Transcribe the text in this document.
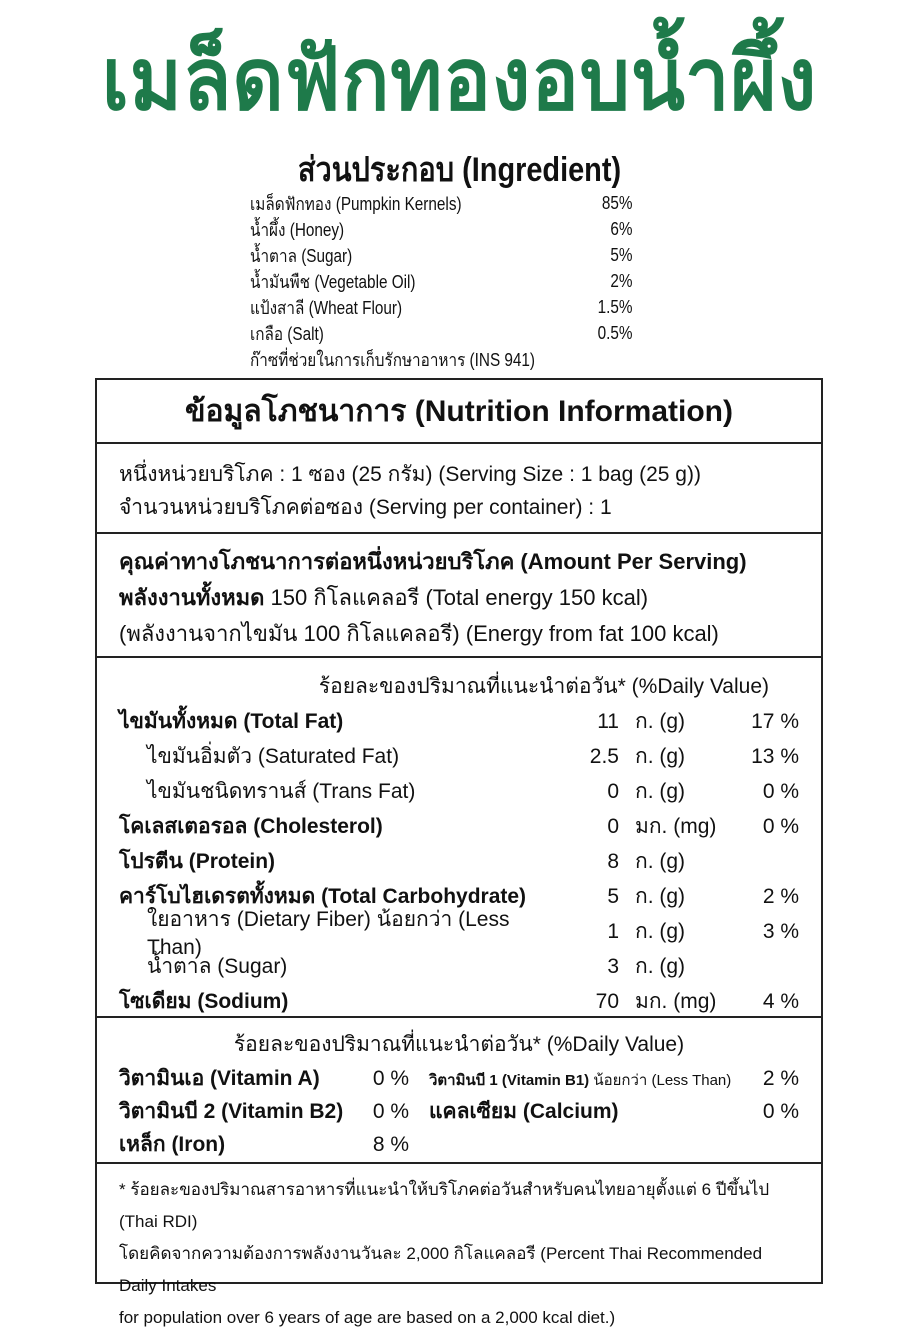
เมล็ดฟักทองอบน้ำผึ้ง
ส่วนประกอบ (Ingredient)
เมล็ดฟักทอง (Pumpkin Kernels)	85%
น้ำผึ้ง (Honey)	6%
น้ำตาล (Sugar)	5%
น้ำมันพืช (Vegetable Oil)	2%
แป้งสาลี (Wheat Flour)	1.5%
เกลือ (Salt)	0.5%
ก๊าซที่ช่วยในการเก็บรักษาอาหาร (INS 941)
ข้อมูลโภชนาการ (Nutrition Information)
หนึ่งหน่วยบริโภค : 1 ซอง (25 กรัม) (Serving Size : 1 bag (25 g))
จำนวนหน่วยบริโภคต่อซอง (Serving per container) : 1
คุณค่าทางโภชนาการต่อหนึ่งหน่วยบริโภค (Amount Per Serving)
พลังงานทั้งหมด 150 กิโลแคลอรี (Total energy 150 kcal)
(พลังงานจากไขมัน 100 กิโลแคลอรี) (Energy from fat 100 kcal)
ร้อยละของปริมาณที่แนะนำต่อวัน* (%Daily Value)
ไขมันทั้งหมด (Total Fat)	11 ก. (g)	17 %
ไขมันอิ่มตัว (Saturated Fat)	2.5 ก. (g)	13 %
ไขมันชนิดทรานส์ (Trans Fat)	0 ก. (g)	0 %
โคเลสเตอรอล (Cholesterol)	0 มก. (mg)	0 %
โปรตีน (Protein)	8 ก. (g)
คาร์โบไฮเดรตทั้งหมด (Total Carbohydrate)	5 ก. (g)	2 %
ใยอาหาร (Dietary Fiber) น้อยกว่า (Less Than)
1 ก. (g)	3 %
น้ำตาล (Sugar)	3 ก. (g)
โซเดียม (Sodium)	70 มก. (mg)	4 %
ร้อยละของปริมาณที่แนะนำต่อวัน* (%Daily Value)
วิตามินเอ (Vitamin A)	0 %	วิตามินบี 1 (Vitamin B1) น้อยกว่า (Less Than)	2 %
วิตามินบี 2 (Vitamin B2)	0 % แคลเซียม (Calcium)	0 %
เหล็ก (Iron)	8 %
* ร้อยละของปริมาณสารอาหารที่แนะนำให้บริโภคต่อวันสำหรับคนไทยอายุตั้งแต่ 6 ปีขึ้นไป (Thai RDI)
โดยคิดจากความต้องการพลังงานวันละ 2,000 กิโลแคลอรี (Percent Thai Recommended Daily Intakes
for population over 6 years of age are based on a 2,000 kcal diet.)
